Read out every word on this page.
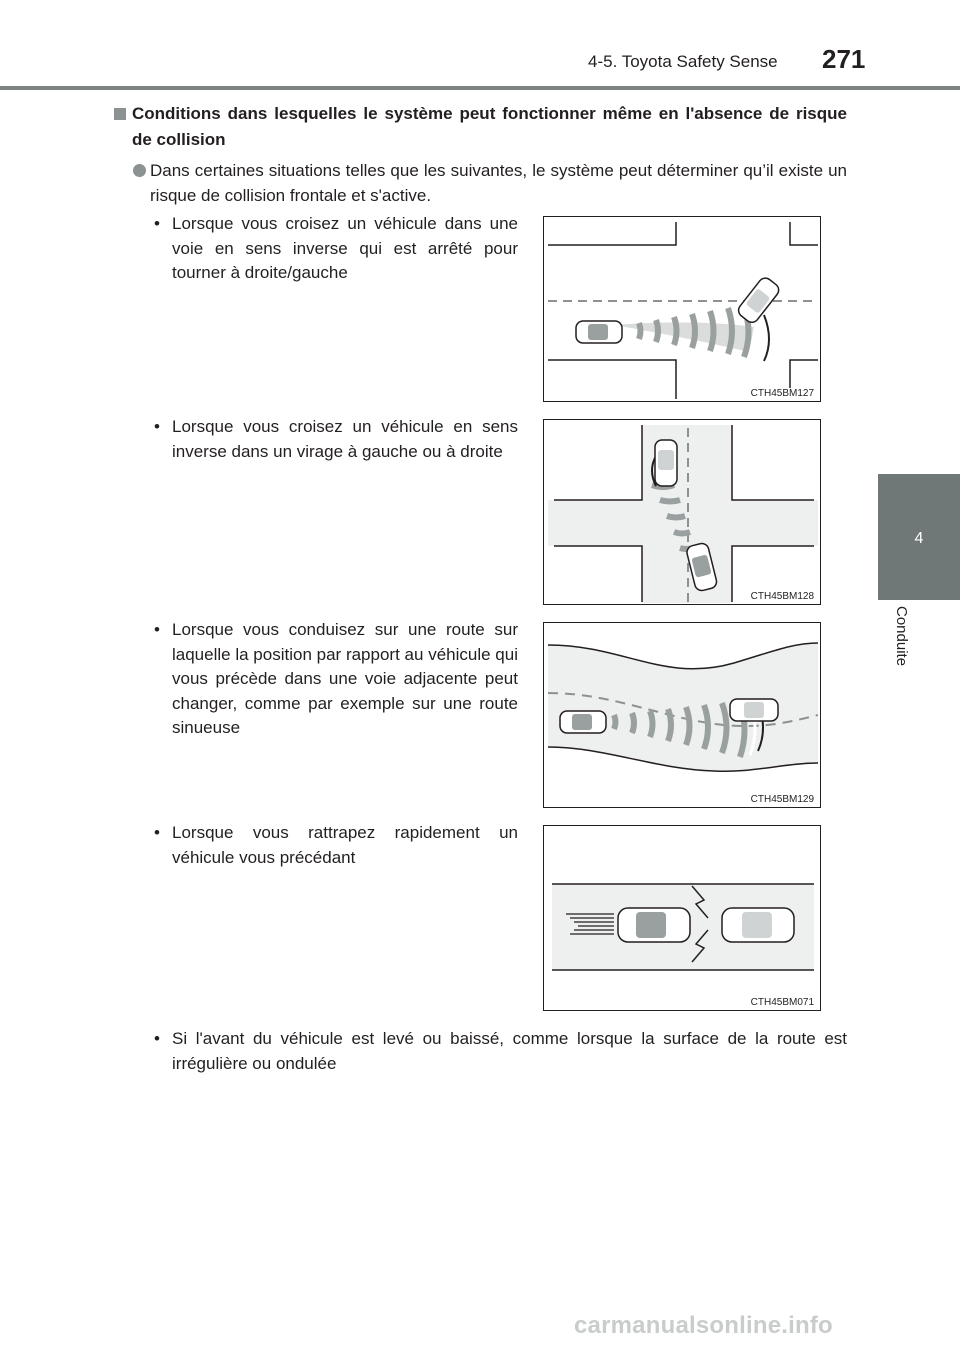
4-5. Toyota Safety Sense 271
4
Conduite
Conditions dans lesquelles le système peut fonctionner même en l'absence de risque de collision
Dans certaines situations telles que les suivantes, le système peut déterminer qu’il existe un risque de collision frontale et s'active.
• Lorsque vous croisez un véhicule dans une voie en sens inverse qui est arrêté pour tourner à droite/gauche
CTH45BM127
• Lorsque vous croisez un véhicule en sens inverse dans un virage à gauche ou à droite
CTH45BM128
• Lorsque vous conduisez sur une route sur laquelle la position par rapport au véhicule qui vous précède dans une voie adjacente peut changer, comme par exemple sur une route sinueuse
CTH45BM129
• Lorsque vous rattrapez rapidement un véhicule vous précédant
CTH45BM071
• Si l'avant du véhicule est levé ou baissé, comme lorsque la surface de la route est irrégulière ou ondulée
carmanualsonline.info
